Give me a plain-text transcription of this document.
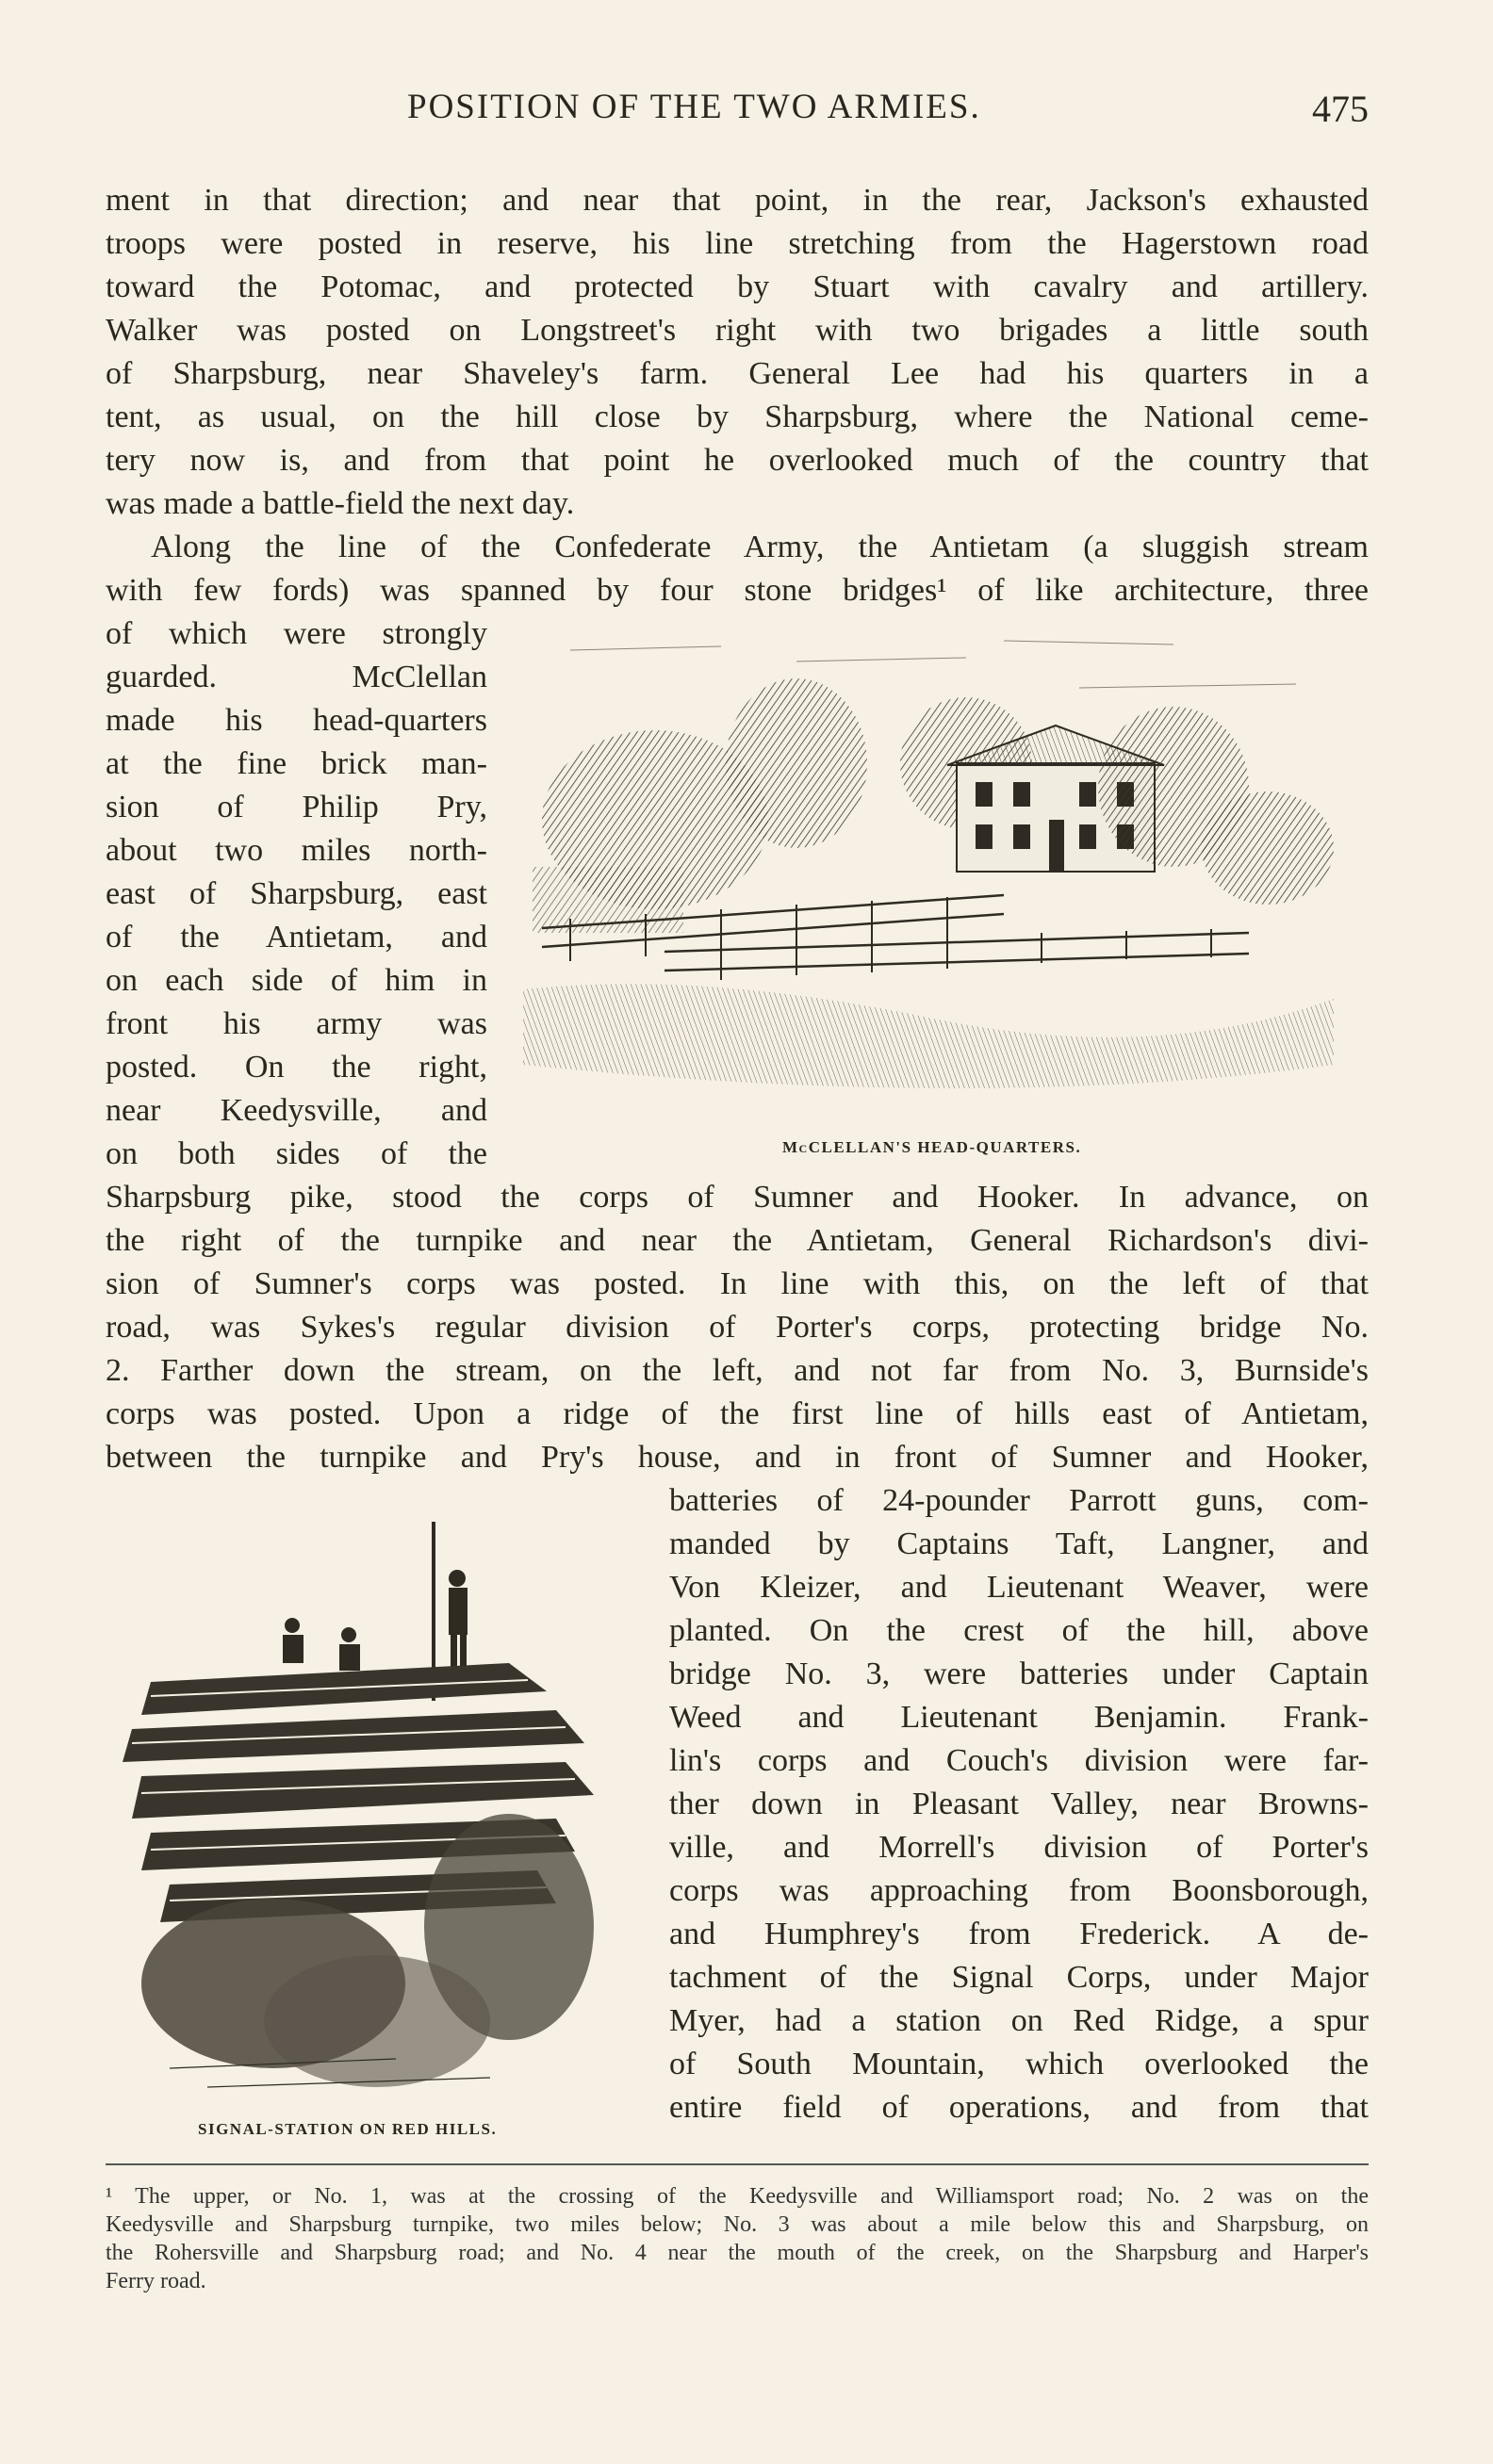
POSITION OF THE TWO ARMIES.	475
ment in that direction; and near that point, in the rear, Jackson's exhausted
troops were posted in reserve, his line stretching from the Hagerstown road
toward the Potomac, and protected by Stuart with cavalry and artillery.
Walker was posted on Longstreet's right with two brigades a little south
of Sharpsburg, near Shaveley's farm. General Lee had his quarters in a
tent, as usual, on the hill close by Sharpsburg, where the National ceme-
tery now is, and from that point he overlooked much of the country that
was made a battle-field the next day.
Along the line of the Confederate Army, the Antietam (a sluggish stream
with few fords) was spanned by four stone bridges¹ of like architecture, three
of which were strongly
guarded. McClellan
made his head-quarters
at the fine brick man-
sion of Philip Pry,
about two miles north-
east of Sharpsburg, east
of the Antietam, and
on each side of him in
front his army was
posted. On the right,
near Keedysville, and
on both sides of the	McCLELLAN'S HEAD-QUARTERS.
Sharpsburg pike, stood the corps of Sumner and Hooker. In advance, on
the right of the turnpike and near the Antietam, General Richardson's divi-
sion of Sumner's corps was posted. In line with this, on the left of that
road, was Sykes's regular division of Porter's corps, protecting bridge No.
2. Farther down the stream, on the left, and not far from No. 3, Burnside's
corps was posted. Upon a ridge of the first line of hills east of Antietam,
between the turnpike and Pry's house, and in front of Sumner and Hooker,
batteries of 24-pounder Parrott guns, com-
manded by Captains Taft, Langner, and
Von Kleizer, and Lieutenant Weaver, were
planted. On the crest of the hill, above
bridge No. 3, were batteries under Captain
Weed and Lieutenant Benjamin. Frank-
lin's corps and Couch's division were far-
ther down in Pleasant Valley, near Browns-
ville, and Morrell's division of Porter's
corps was approaching from Boonsborough,
and Humphrey's from Frederick. A de-
tachment of the Signal Corps, under Major
Myer, had a station on Red Ridge, a spur
of South Mountain, which overlooked the
entire field of operations, and from that
SIGNAL-STATION ON RED HILLS.
¹ The upper, or No. 1, was at the crossing of the Keedysville and Williamsport road; No. 2 was on the
Keedysville and Sharpsburg turnpike, two miles below; No. 3 was about a mile below this and Sharpsburg, on
the Rohersville and Sharpsburg road; and No. 4 near the mouth of the creek, on the Sharpsburg and Harper's
Ferry road.
